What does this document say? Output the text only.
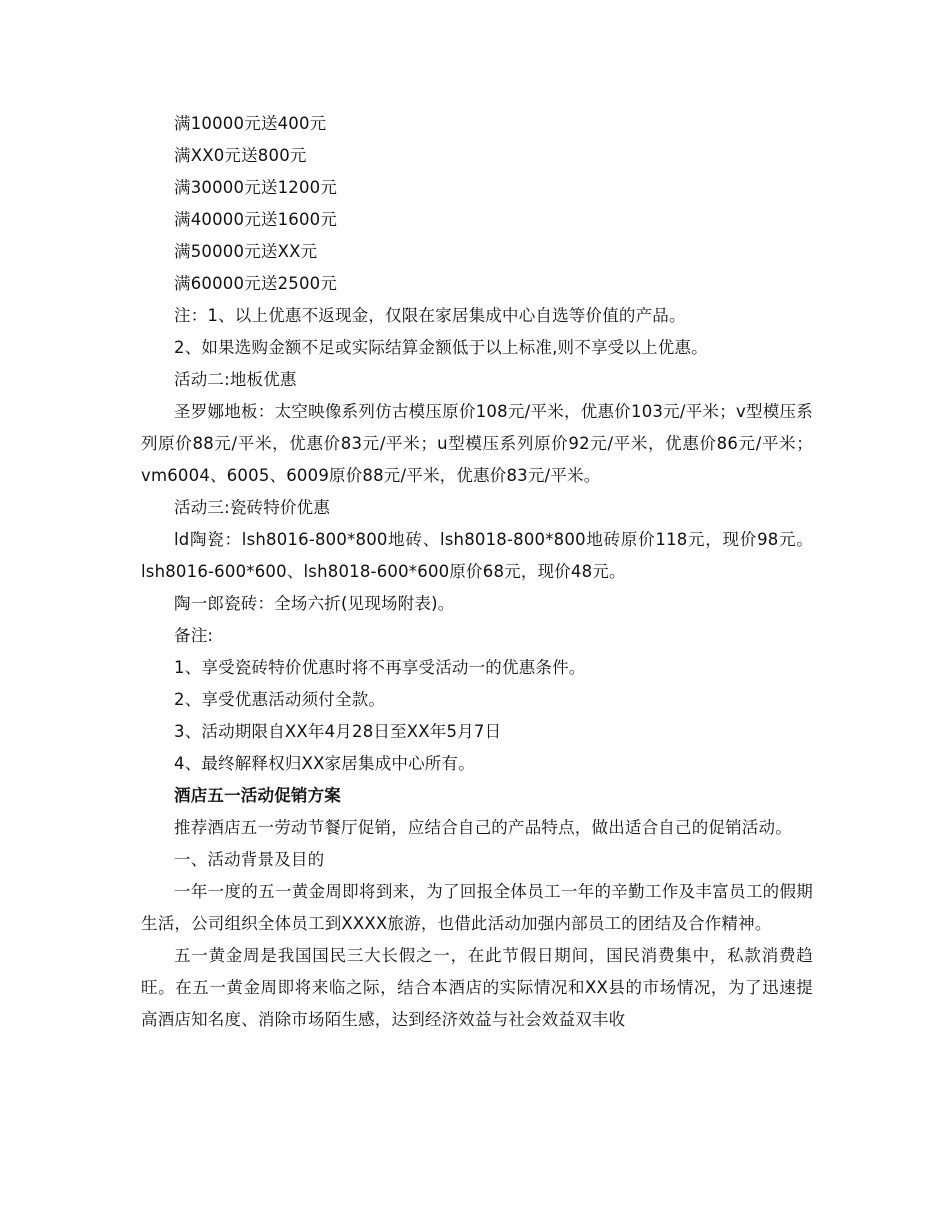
满10000元送400元

满XX0元送800元

满30000元送1200元

满40000元送1600元

满50000元送XX元

满60000元送2500元

注：1、以上优惠不返现金，仅限在家居集成中心自选等价值的产品。

2、如果选购金额不足或实际结算金额低于以上标准,则不享受以上优惠。

活动二:地板优惠

圣罗娜地板：太空映像系列仿古模压原价108元/平米，优惠价103元/平米；v型模压系列原价88元/平米，优惠价83元/平米；u型模压系列原价92元/平米，优惠价86元/平米；vm6004、6005、6009原价88元/平米，优惠价83元/平米。

活动三:瓷砖特价优惠

ld陶瓷：lsh8016-800*800地砖、lsh8018-800*800地砖原价118元，现价98元。lsh8016-600*600、lsh8018-600*600原价68元，现价48元。

陶一郎瓷砖：全场六折(见现场附表)。

备注:

1、享受瓷砖特价优惠时将不再享受活动一的优惠条件。

2、享受优惠活动须付全款。

3、活动期限自XX年4月28日至XX年5月7日

4、最终解释权归XX家居集成中心所有。

酒店五一活动促销方案

推荐酒店五一劳动节餐厅促销，应结合自己的产品特点，做出适合自己的促销活动。

一、活动背景及目的

一年一度的五一黄金周即将到来，为了回报全体员工一年的辛勤工作及丰富员工的假期生活，公司组织全体员工到XXXX旅游，也借此活动加强内部员工的团结及合作精神。

五一黄金周是我国国民三大长假之一，在此节假日期间，国民消费集中，私款消费趋旺。在五一黄金周即将来临之际，结合本酒店的实际情况和XX县的市场情况，为了迅速提高酒店知名度、消除市场陌生感，达到经济效益与社会效益双丰收
